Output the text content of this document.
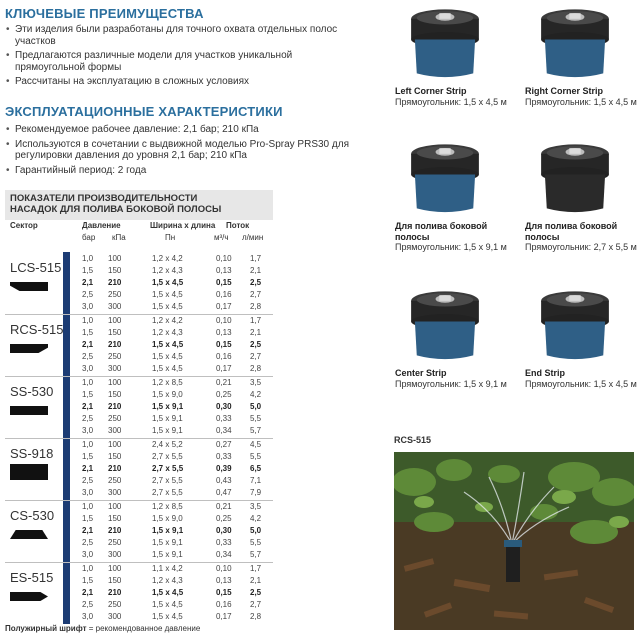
КЛЮЧЕВЫЕ ПРЕИМУЩЕСТВА
• Эти изделия были разработаны для точного охвата отдельных полос участков
• Предлагаются различные модели для участков уникальной прямоугольной формы
• Рассчитаны на эксплуатацию в сложных условиях
ЭКСПЛУАТАЦИОННЫЕ ХАРАКТЕРИСТИКИ
• Рекомендуемое рабочее давление: 2,1 бар; 210 кПа
• Используются в сочетании с выдвижной моделью Pro-Spray PRS30 для регулировки давления до уровня 2,1 бар; 210 кПа
• Гарантийный период: 2 года
ПОКАЗАТЕЛИ ПРОИЗВОДИТЕЛЬНОСТИ
НАСАДОК ДЛЯ ПОЛИВА БОКОВОЙ ПОЛОСЫ
Сектор	Давление	Ширина x длина Поток
бар кПа	Пн	м³/ч л/мин
LCS-515
1,0 100	1,2 x 4,2	0,10 1,7
1,5 150	1,2 x 4,3	0,13 2,1
2,1 210	1,5 x 4,5	0,15 2,5
2,5 250	1,5 x 4,5	0,16 2,7
3,0 300	1,5 x 4,5	0,17 2,8
RCS-515
1,0 100	1,2 x 4,2	0,10 1,7
1,5 150	1,2 x 4,3	0,13 2,1
2,1 210	1,5 x 4,5	0,15 2,5
2,5 250	1,5 x 4,5	0,16 2,7
3,0 300	1,5 x 4,5	0,17 2,8
SS-530
1,0 100	1,2 x 8,5	0,21 3,5
1,5 150	1,5 x 9,0	0,25 4,2
2,1 210	1,5 x 9,1	0,30 5,0
2,5 250	1,5 x 9,1	0,33 5,5
3,0 300	1,5 x 9,1	0,34 5,7
SS-918
1,0 100	2,4 x 5,2	0,27 4,5
1,5 150	2,7 x 5,5	0,33 5,5
2,1 210	2,7 x 5,5	0,39 6,5
2,5 250	2,7 x 5,5	0,43 7,1
3,0 300	2,7 x 5,5	0,47 7,9
CS-530
1,0 100	1,2 x 8,5	0,21 3,5
1,5 150	1,5 x 9,0	0,25 4,2
2,1 210	1,5 x 9,1	0,30 5,0
2,5 250	1,5 x 9,1	0,33 5,5
3,0 300	1,5 x 9,1	0,34 5,7
ES-515
1,0 100	1,1 x 4,2	0,10 1,7
1,5 150	1,2 x 4,3	0,13 2,1
2,1 210	1,5 x 4,5	0,15 2,5
2,5 250	1,5 x 4,5	0,16 2,7
3,0 300	1,5 x 4,5	0,17 2,8
Полужирный шрифт = рекомендованное давление
Left Corner Strip
Прямоугольник: 1,5 x 4,5 м
Right Corner Strip
Прямоугольник: 1,5 x 4,5 м
Для полива боковой полосы
Прямоугольник: 1,5 x 9,1 м
Для полива боковой полосы
Прямоугольник: 2,7 x 5,5 м
Center Strip
Прямоугольник: 1,5 x 9,1 м
End Strip
Прямоугольник: 1,5 x 4,5 м
RCS-515
